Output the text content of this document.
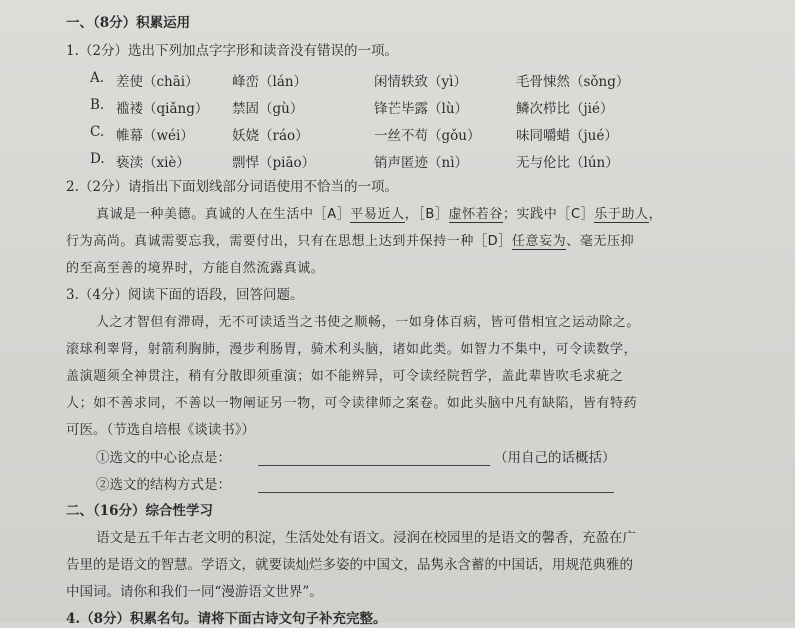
一、（8分）积累运用
1.（2分）选出下列加点字字形和读音没有错误的一项。
A. 差使（chāi） 峰峦（lán）	闲情轶致（yì）	毛骨悚然（sǒng）
B. 褴褛（qiǎng） 禁固（gù）	锋芒毕露（lù）	鳞次栉比（jié）
C. 帷幕（wéi）	妖娆（ráo）	一丝不苟（gǒu）	味同嚼蜡（jué）
D. 亵渎（xiè）	剽悍（piāo）	销声匿迹（nì）	无与伦比（lún）
2.（2分）请指出下面划线部分词语使用不恰当的一项。
真诚是一种美德。真诚的人在生活中［A］平易近人，［B］虚怀若谷；实践中［C］乐于助人，
行为高尚。真诚需要忘我，需要付出，只有在思想上达到并保持一种［D］任意妄为、毫无压抑
的至高至善的境界时，方能自然流露真诚。
3.（4分）阅读下面的语段，回答问题。
人之才智但有滞碍，无不可读适当之书使之顺畅，一如身体百病，皆可借相宜之运动除之。
滚球利睾肾，射箭利胸肺，漫步利肠胃，骑术利头脑，诸如此类。如智力不集中，可令读数学，
盖演题须全神贯注，稍有分散即须重演；如不能辨异，可令读经院哲学，盖此辈皆吹毛求疵之
人；如不善求同，不善以一物阐证另一物，可令读律师之案卷。如此头脑中凡有缺陷，皆有特药
可医。（节选自培根《谈读书》）
①选文的中心论点是：	（用自己的话概括）
②选文的结构方式是：
二、（16分）综合性学习
语文是五千年古老文明的积淀，生活处处有语文。浸润在校园里的是语文的馨香，充盈在广
告里的是语文的智慧。学语文，就要读灿烂多姿的中国文，品隽永含蓄的中国话，用规范典雅的
中国词。请你和我们一同“漫游语文世界”。
4.（8分）积累名句。请将下面古诗文句子补充完整。
